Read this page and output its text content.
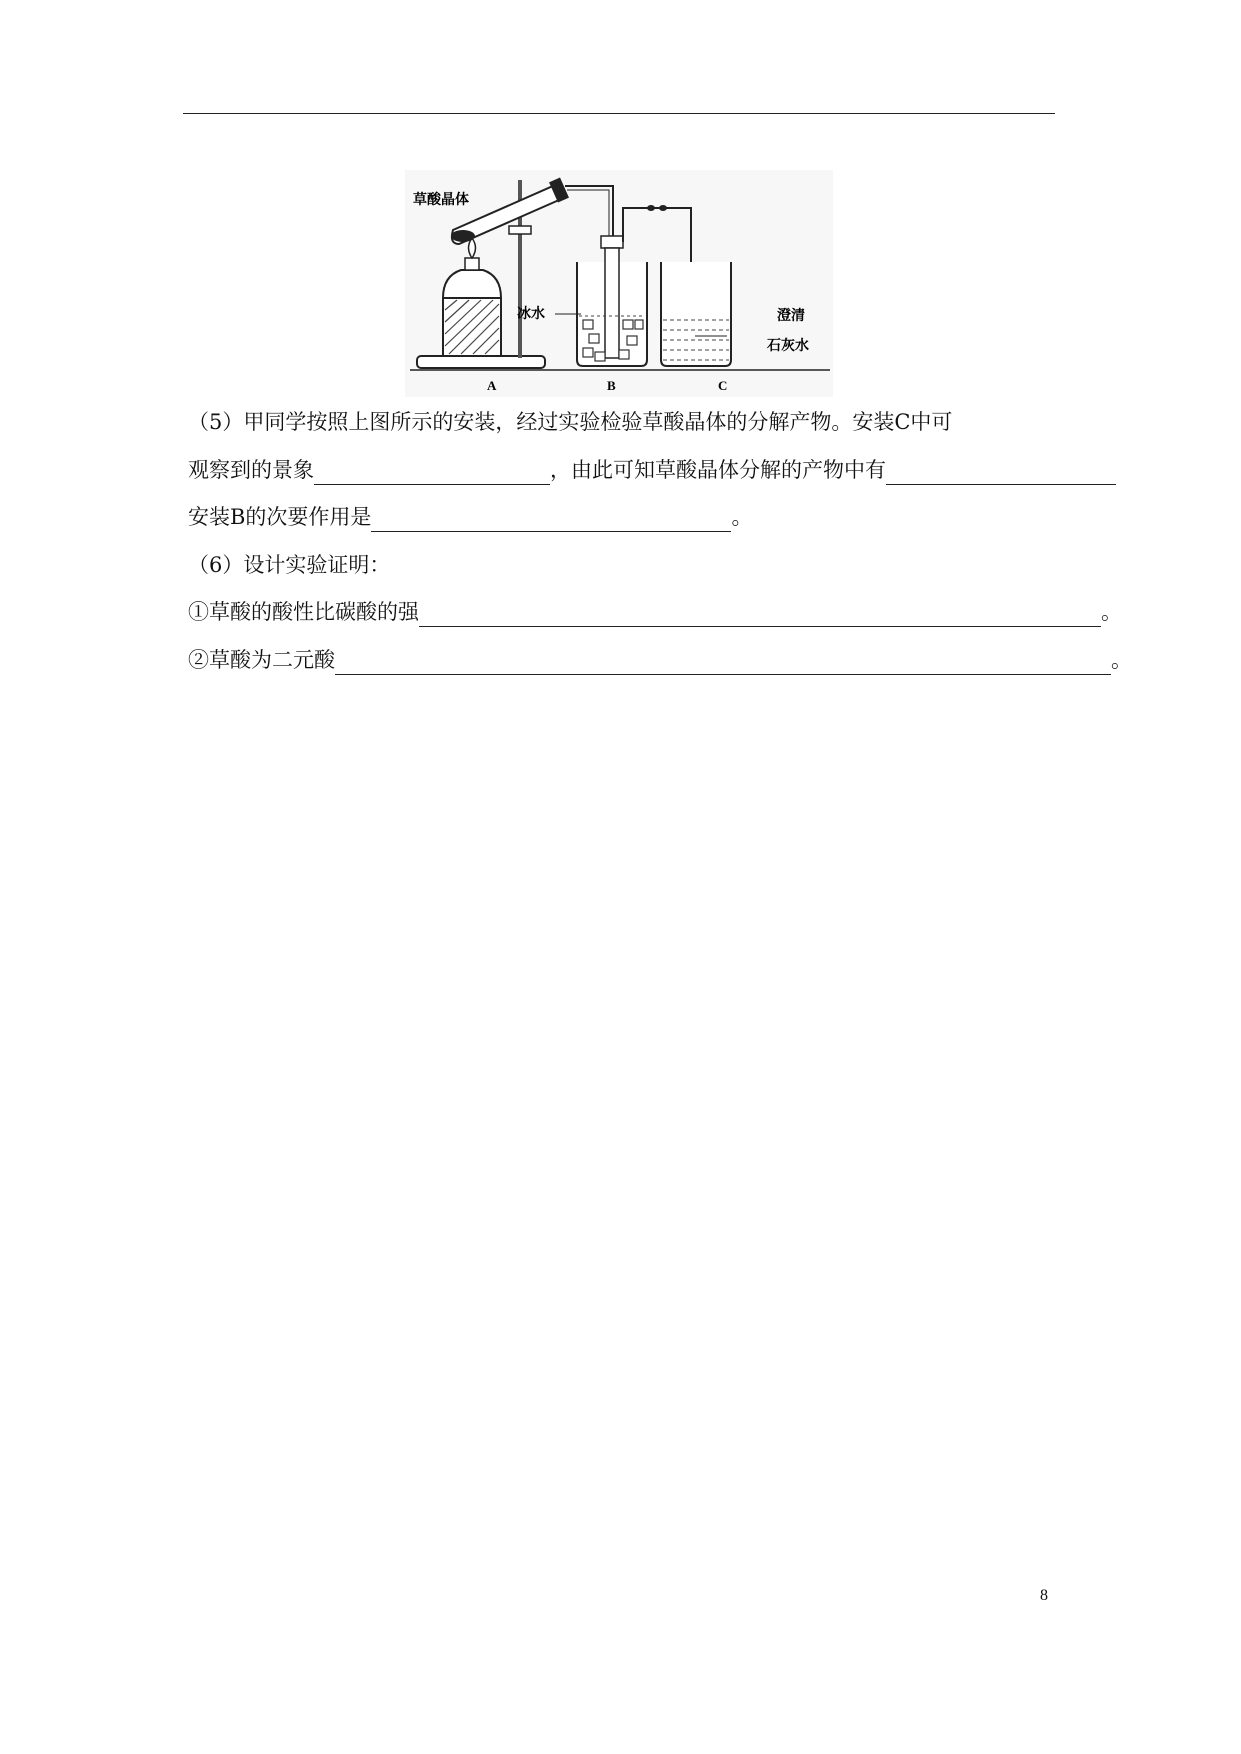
草酸晶体
冰水	澄清
石灰水
A	B	C
（5）甲同学按照上图所示的安装，经过实验检验草酸晶体的分解产物。安装C中可
观察到的景象	，由此可知草酸晶体分解的产物中有
安装B的次要作用是	。
（6）设计实验证明：
①草酸的酸性比碳酸的强	。
②草酸为二元酸	。
8
